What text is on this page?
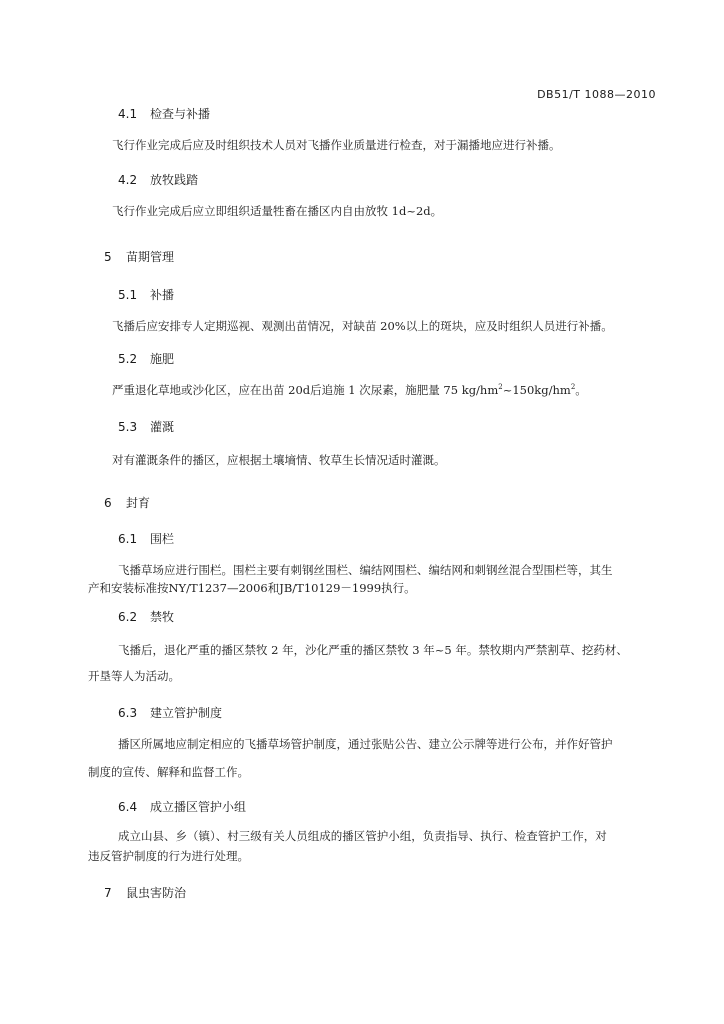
DB51/T 1088—2010
4.1 检查与补播
飞行作业完成后应及时组织技术人员对飞播作业质量进行检查，对于漏播地应进行补播。
4.2 放牧践踏
飞行作业完成后应立即组织适量牲畜在播区内自由放牧 1d~2d。
5 苗期管理
5.1 补播
飞播后应安排专人定期巡视、观测出苗情况，对缺苗 20%以上的斑块，应及时组织人员进行补播。
5.2 施肥
严重退化草地或沙化区，应在出苗 20d后追施 1 次尿素，施肥量 75 $kg/hm^2\sim 150kg/hm^2$。
5.3 灌溉
对有灌溉条件的播区，应根据土壤墒情、牧草生长情况适时灌溉。
6 封育
6.1 围栏
飞播草场应进行围栏。围栏主要有刺钢丝围栏、编结网围栏、编结网和刺钢丝混合型围栏等，其生
产和安装标准按NY/T1237—2006和JB/T10129－1999执行。
6.2 禁牧
飞播后，退化严重的播区禁牧 2 年，沙化严重的播区禁牧 3 年~5 年。禁牧期内严禁割草、挖药材、
开垦等人为活动。
6.3 建立管护制度
播区所属地应制定相应的飞播草场管护制度，通过张贴公告、建立公示牌等进行公布，并作好管护
制度的宣传、解释和监督工作。
6.4 成立播区管护小组
成立山县、乡（镇）、村三级有关人员组成的播区管护小组，负责指导、执行、检查管护工作，对
违反管护制度的行为进行处理。
7 鼠虫害防治
